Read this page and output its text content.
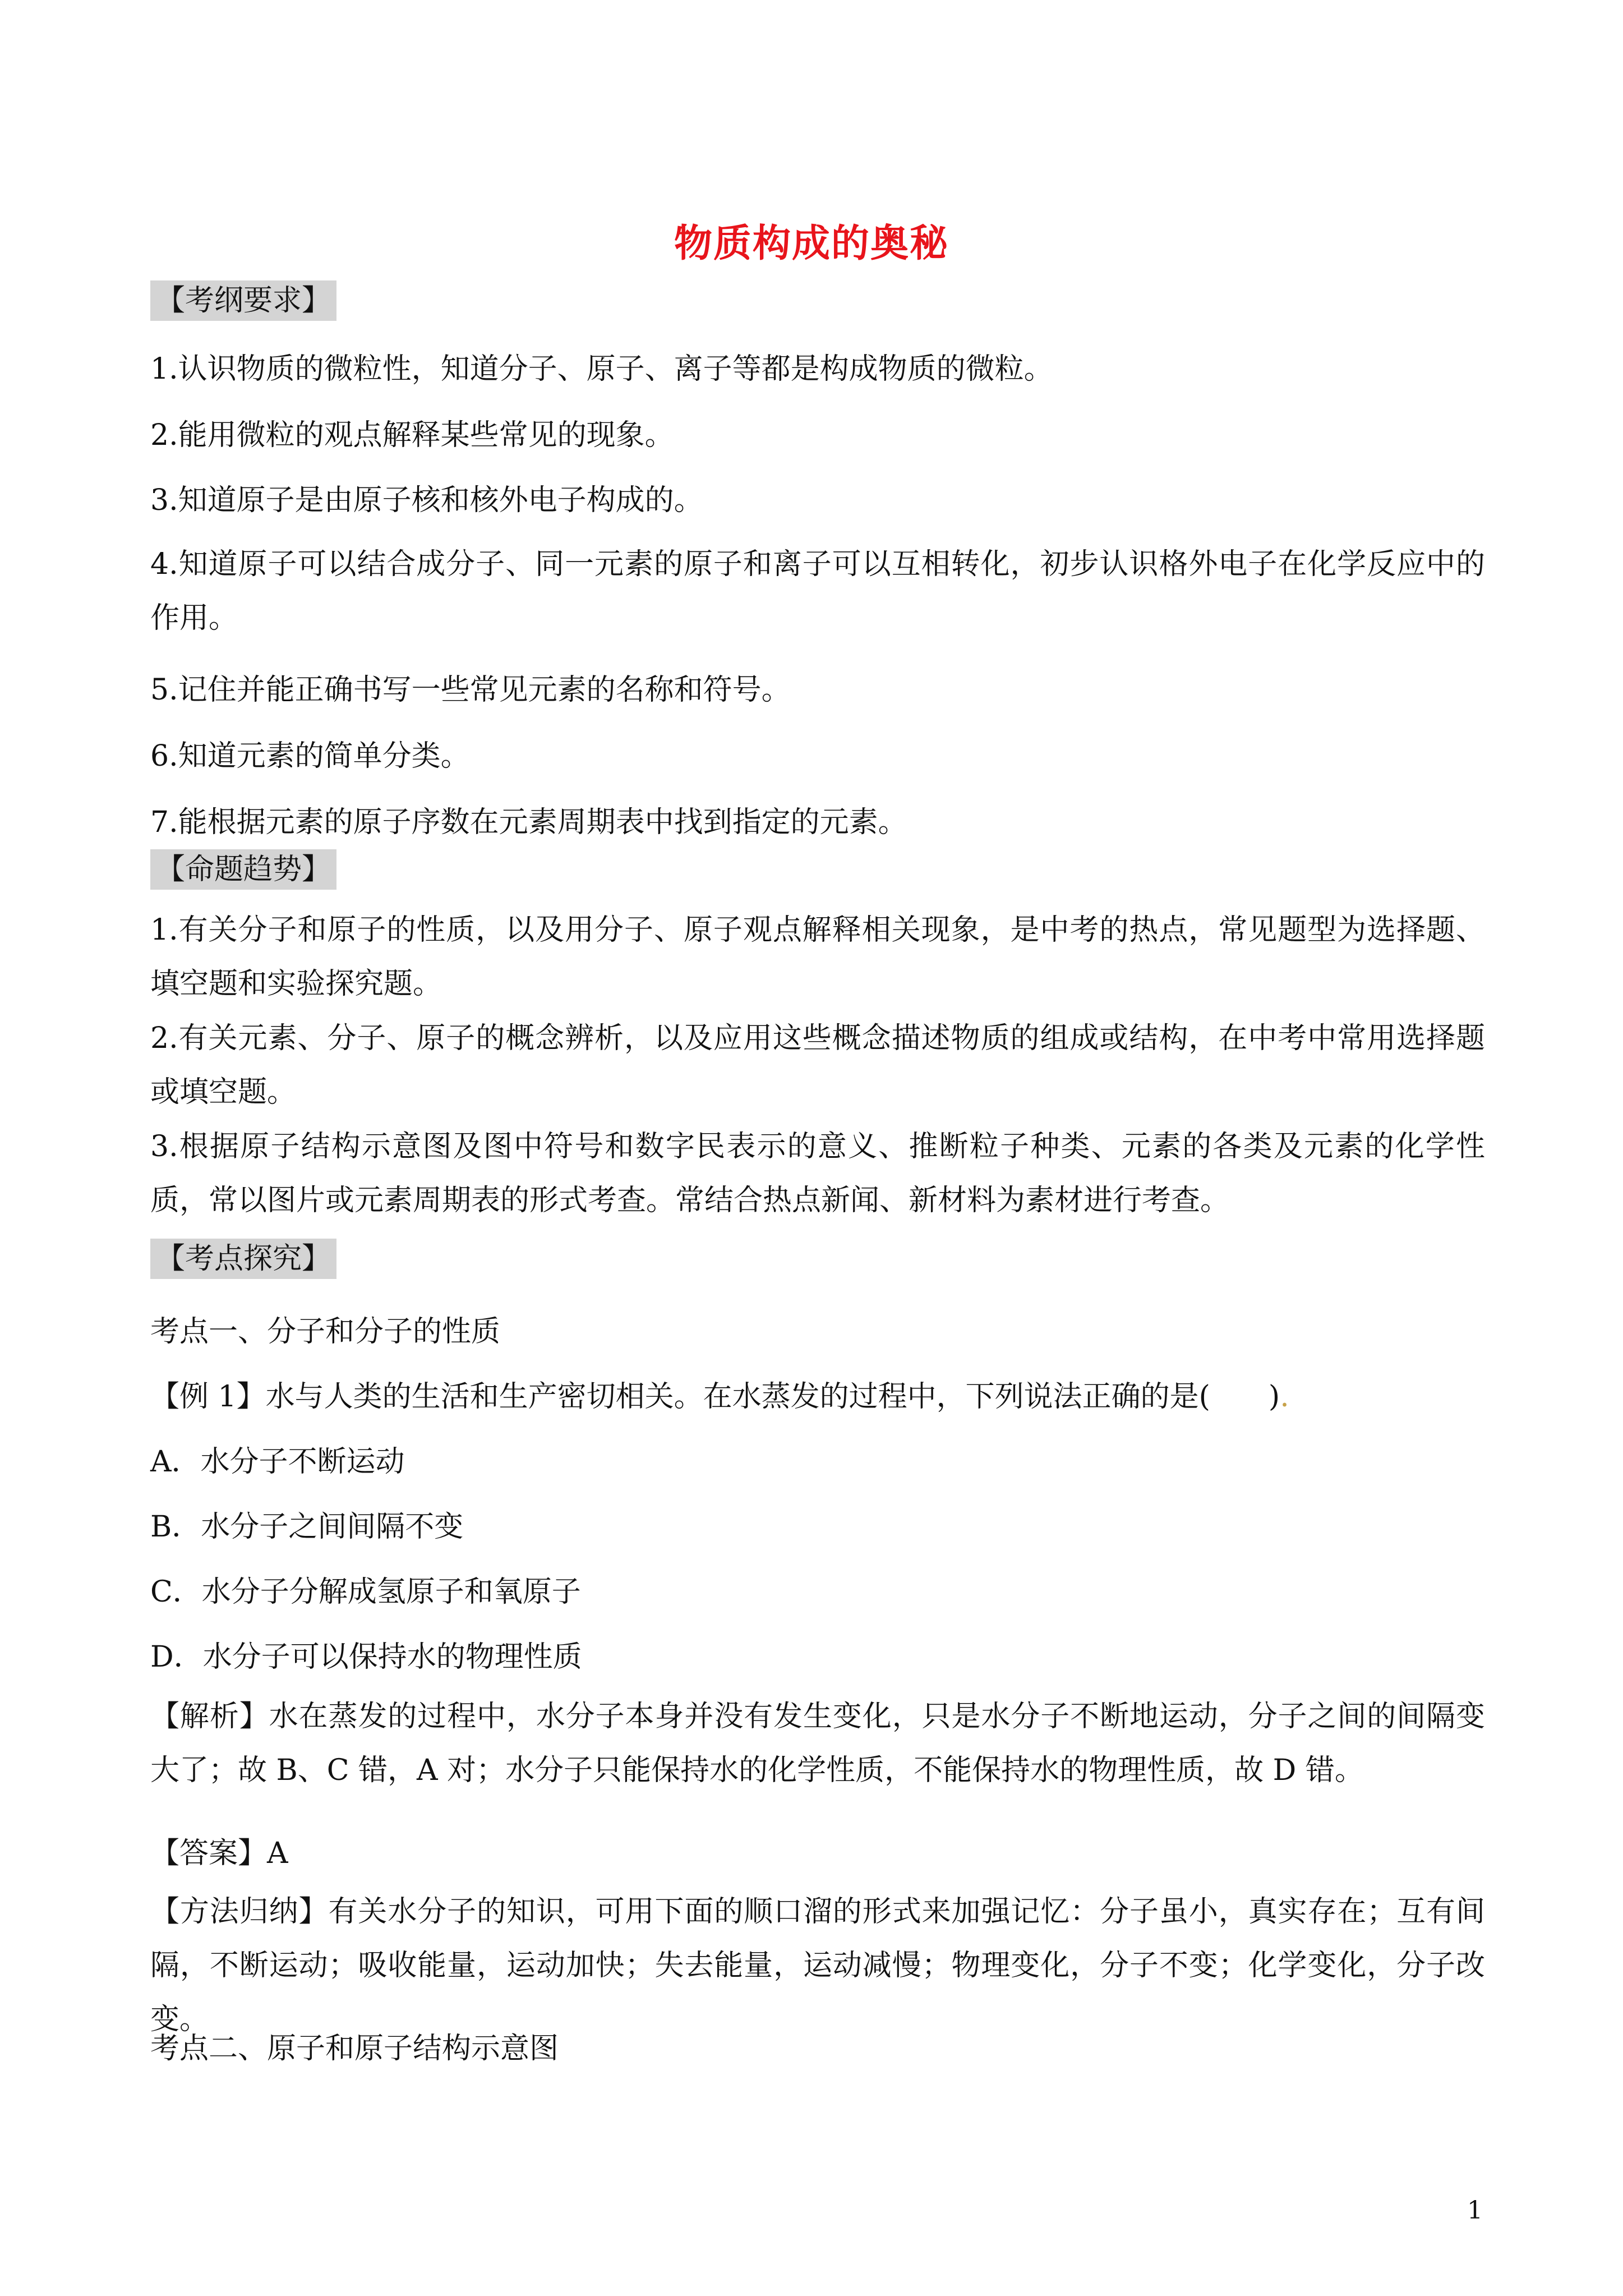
物质构成的奥秘
【考纲要求】
1.认识物质的微粒性，知道分子、原子、离子等都是构成物质的微粒。
2.能用微粒的观点解释某些常见的现象。
3.知道原子是由原子核和核外电子构成的。
4.知道原子可以结合成分子、同一元素的原子和离子可以互相转化，初步认识格外电子在化学反应中的作用。
5.记住并能正确书写一些常见元素的名称和符号。
6.知道元素的简单分类。
7.能根据元素的原子序数在元素周期表中找到指定的元素。
【命题趋势】
1.有关分子和原子的性质，以及用分子、原子观点解释相关现象，是中考的热点，常见题型为选择题、填空题和实验探究题。
2.有关元素、分子、原子的概念辨析，以及应用这些概念描述物质的组成或结构，在中考中常用选择题或填空题。
3.根据原子结构示意图及图中符号和数字民表示的意义、推断粒子种类、元素的各类及元素的化学性质，常以图片或元素周期表的形式考查。常结合热点新闻、新材料为素材进行考查。
【考点探究】
考点一、分子和分子的性质
【例 1】水与人类的生活和生产密切相关。在水蒸发的过程中，下列说法正确的是(　　).
A．水分子不断运动
B．水分子之间间隔不变
C．水分子分解成氢原子和氧原子
D．水分子可以保持水的物理性质
【解析】水在蒸发的过程中，水分子本身并没有发生变化，只是水分子不断地运动，分子之间的间隔变大了；故 B、C 错，A 对；水分子只能保持水的化学性质，不能保持水的物理性质，故 D 错。
【答案】A
【方法归纳】有关水分子的知识，可用下面的顺口溜的形式来加强记忆：分子虽小，真实存在；互有间隔，不断运动；吸收能量，运动加快；失去能量，运动减慢；物理变化，分子不变；化学变化，分子改变。
考点二、原子和原子结构示意图
1
